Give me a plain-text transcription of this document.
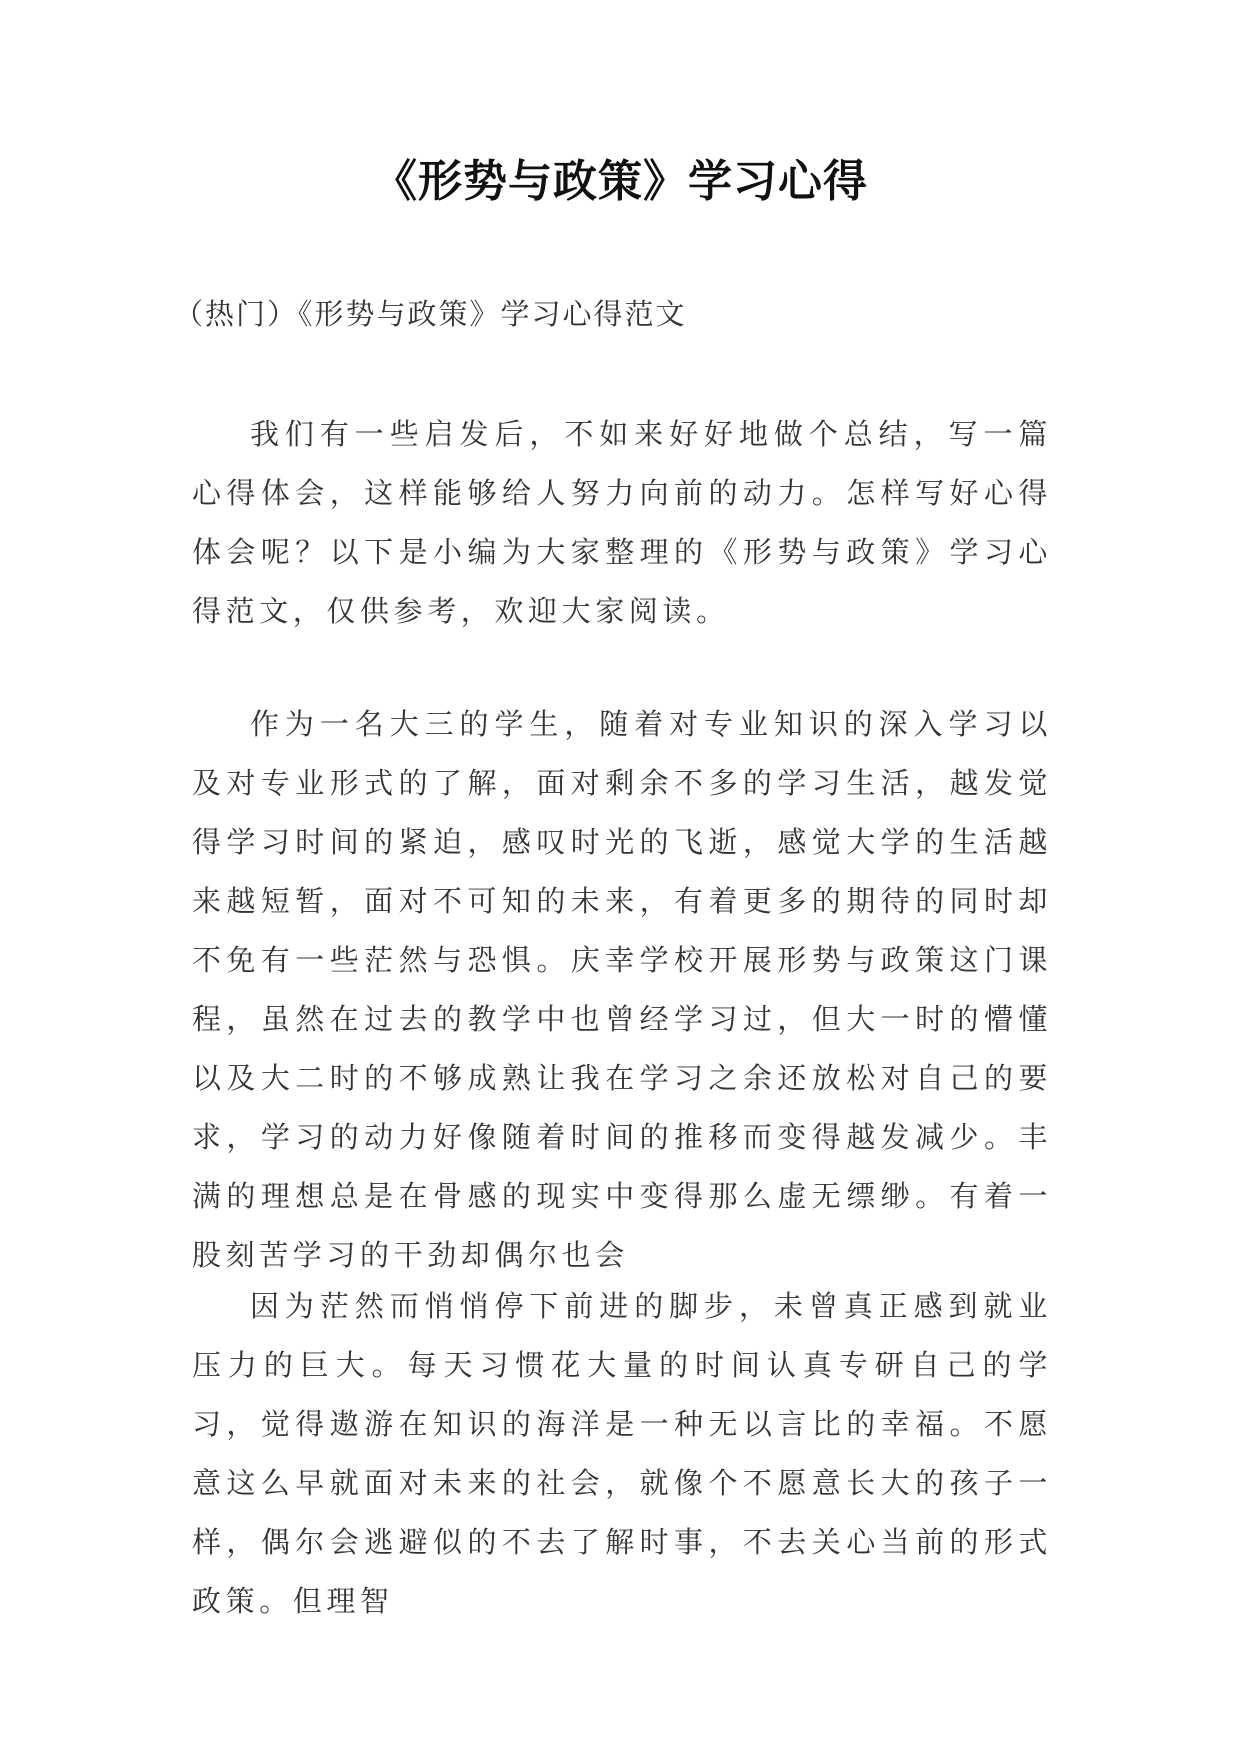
《形势与政策》学习心得
（热门）《形势与政策》学习心得范文

我们有一些启发后，不如来好好地做个总结，写一篇心得体会，这样能够给人努力向前的动力。怎样写好心得体会呢？以下是小编为大家整理的《形势与政策》学习心得范文，仅供参考，欢迎大家阅读。

作为一名大三的学生，随着对专业知识的深入学习以及对专业形式的了解，面对剩余不多的学习生活，越发觉得学习时间的紧迫，感叹时光的飞逝，感觉大学的生活越来越短暂，面对不可知的未来，有着更多的期待的同时却不免有一些茫然与恐惧。庆幸学校开展形势与政策这门课程，虽然在过去的教学中也曾经学习过，但大一时的懵懂以及大二时的不够成熟让我在学习之余还放松对自己的要求，学习的动力好像随着时间的推移而变得越发减少。丰满的理想总是在骨感的现实中变得那么虚无缥缈。有着一股刻苦学习的干劲却偶尔也会

因为茫然而悄悄停下前进的脚步，未曾真正感到就业压力的巨大。每天习惯花大量的时间认真专研自己的学习，觉得遨游在知识的海洋是一种无以言比的幸福。不愿意这么早就面对未来的社会，就像个不愿意长大的孩子一样，偶尔会逃避似的不去了解时事，不去关心当前的形式政策。但理智
